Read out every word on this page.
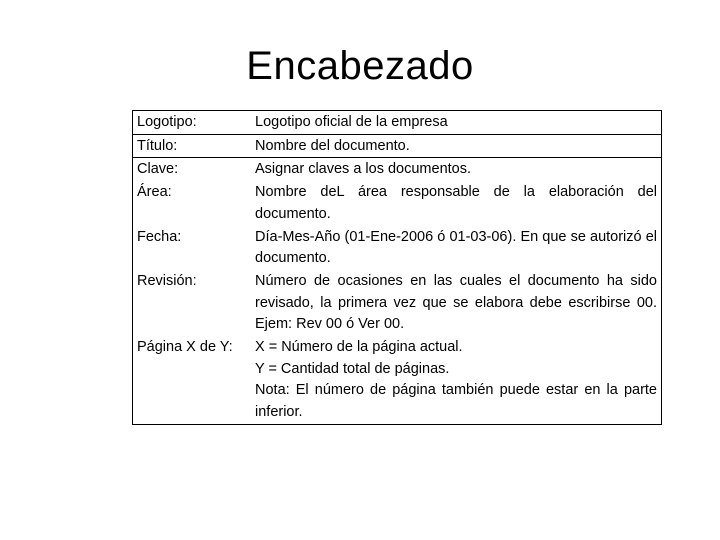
Encabezado
Logotipo:	Logotipo oficial de la empresa
Título:	Nombre del documento.
Clave:	Asignar claves a los documentos.
Área:	Nombre deL área responsable de la elaboración del documento.
Fecha:	Día-Mes-Año (01-Ene-2006 ó 01-03-06). En que se autorizó el documento.
Revisión:	Número de ocasiones en las cuales el documento ha sido revisado, la primera vez que se elabora debe escribirse 00. Ejem: Rev 00 ó Ver 00.
Página X de Y:	X = Número de la página actual.
Y = Cantidad total de páginas.
Nota: El número de página también puede estar en la parte inferior.
